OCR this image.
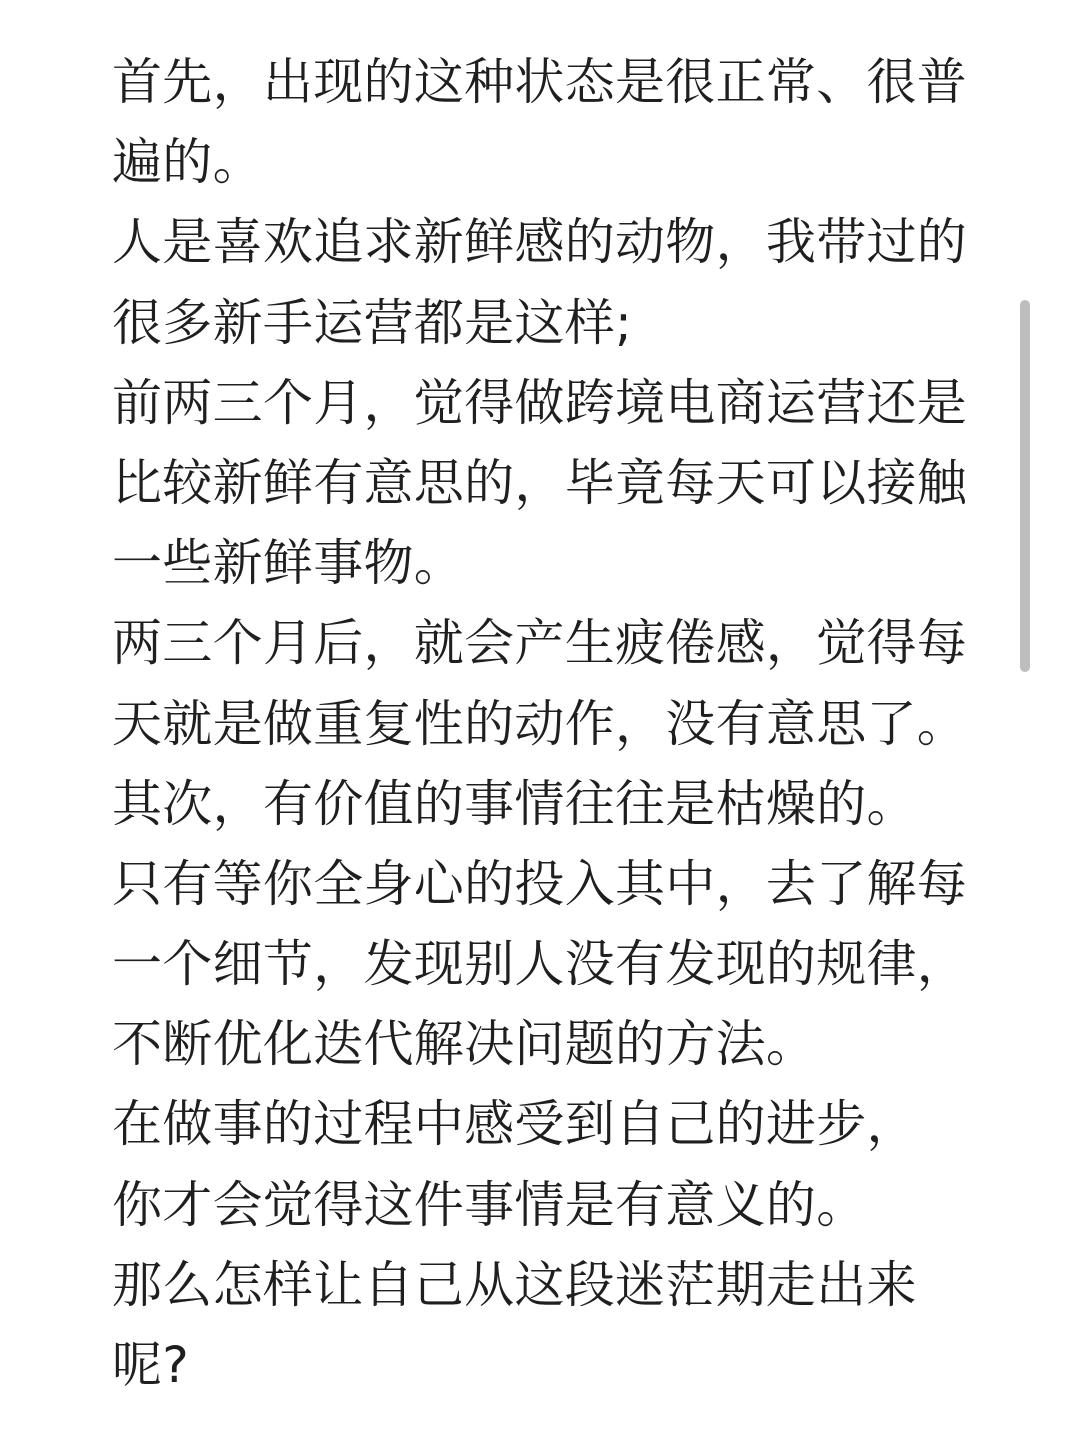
首先，出现的这种状态是很正常、很普
遍的。
人是喜欢追求新鲜感的动物，我带过的
很多新手运营都是这样;
前两三个月，觉得做跨境电商运营还是
比较新鲜有意思的，毕竟每天可以接触
一些新鲜事物。
两三个月后，就会产生疲倦感，觉得每
天就是做重复性的动作，没有意思了。
其次，有价值的事情往往是枯燥的。
只有等你全身心的投入其中，去了解每
一个细节，发现别人没有发现的规律，
不断优化迭代解决问题的方法。
在做事的过程中感受到自己的进步，
你才会觉得这件事情是有意义的。
那么怎样让自己从这段迷茫期走出来
呢?
